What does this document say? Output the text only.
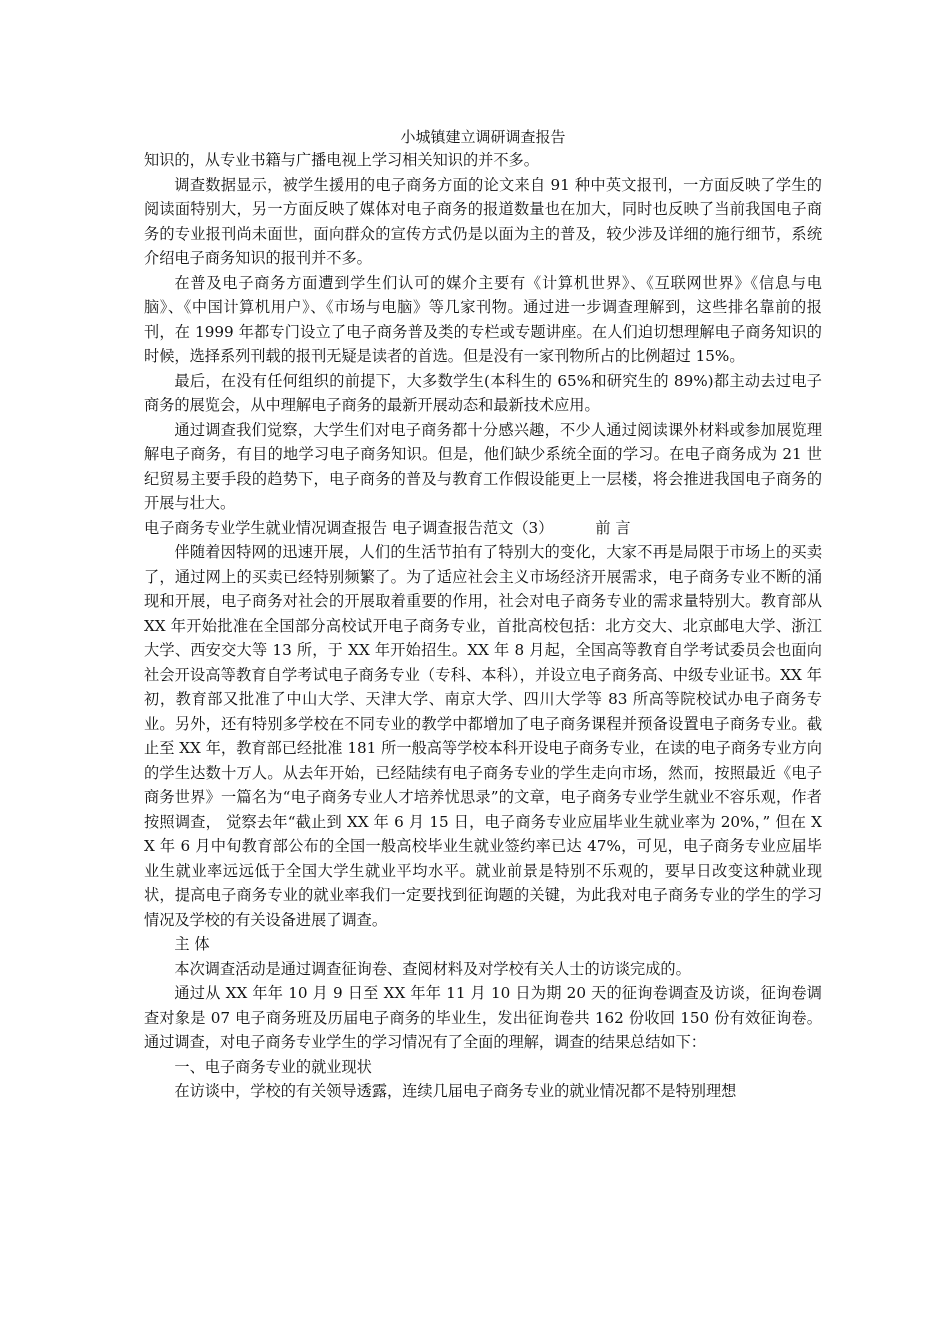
小城镇建立调研调查报告

知识的，从专业书籍与广播电视上学习相关知识的并不多。

调查数据显示，被学生援用的电子商务方面的论文来自 91 种中英文报刊，一方面反映了学生的阅读面特别大，另一方面反映了媒体对电子商务的报道数量也在加大，同时也反映了当前我国电子商务的专业报刊尚未面世，面向群众的宣传方式仍是以面为主的普及，较少涉及详细的施行细节，系统介绍电子商务知识的报刊并不多。

在普及电子商务方面遭到学生们认可的媒介主要有《计算机世界》、《互联网世界》《信息与电脑》、《中国计算机用户》、《市场与电脑》等几家刊物。通过进一步调查理解到，这些排名靠前的报刊，在 1999 年都专门设立了电子商务普及类的专栏或专题讲座。在人们迫切想理解电子商务知识的时候，选择系列刊载的报刊无疑是读者的首选。但是没有一家刊物所占的比例超过 15%。

最后，在没有任何组织的前提下，大多数学生(本科生的 65%和研究生的 89%)都主动去过电子商务的展览会，从中理解电子商务的最新开展动态和最新技术应用。

通过调查我们觉察，大学生们对电子商务都十分感兴趣，不少人通过阅读课外材料或参加展览理解电子商务，有目的地学习电子商务知识。但是，他们缺少系统全面的学习。在电子商务成为 21 世纪贸易主要手段的趋势下，电子商务的普及与教育工作假设能更上一层楼，将会推进我国电子商务的开展与壮大。

电子商务专业学生就业情况调查报告 电子调查报告范文（3）	前 言

伴随着因特网的迅速开展，人们的生活节拍有了特别大的变化，大家不再是局限于市场上的买卖了，通过网上的买卖已经特别频繁了。为了适应社会主义市场经济开展需求，电子商务专业不断的涌现和开展，电子商务对社会的开展取着重要的作用，社会对电子商务专业的需求量特别大。教育部从 XX 年开始批准在全国部分高校试开电子商务专业，首批高校包括：北方交大、北京邮电大学、浙江大学、西安交大等 13 所，于 XX 年开始招生。XX 年 8 月起，全国高等教育自学考试委员会也面向社会开设高等教育自学考试电子商务专业（专科、本科），并设立电子商务高、中级专业证书。XX 年初，教育部又批准了中山大学、天津大学、南京大学、四川大学等 83 所高等院校试办电子商务专业。另外，还有特别多学校在不同专业的教学中都增加了电子商务课程并预备设置电子商务专业。截止至 XX 年，教育部已经批准 181 所一般高等学校本科开设电子商务专业，在读的电子商务专业方向的学生达数十万人。从去年开始，已经陆续有电子商务专业的学生走向市场，然而，按照最近《电子商务世界》一篇名为“电子商务专业人才培养忧思录”的文章，电子商务专业学生就业不容乐观，作者按照调查， 觉察去年“截止到 XX 年 6 月 15 日，电子商务专业应届毕业生就业率为 20%，” 但在 XX 年 6 月中旬教育部公布的全国一般高校毕业生就业签约率已达 47%，可见，电子商务专业应届毕业生就业率远远低于全国大学生就业平均水平。就业前景是特别不乐观的，要早日改变这种就业现状，提高电子商务专业的就业率我们一定要找到征询题的关键，为此我对电子商务专业的学生的学习情况及学校的有关设备进展了调查。

主 体

本次调查活动是通过调查征询卷、查阅材料及对学校有关人士的访谈完成的。

通过从 XX 年年 10 月 9 日至 XX 年年 11 月 10 日为期 20 天的征询卷调查及访谈，征询卷调查对象是 07 电子商务班及历届电子商务的毕业生，发出征询卷共 162 份收回 150 份有效征询卷。通过调查，对电子商务专业学生的学习情况有了全面的理解，调查的结果总结如下：

一、电子商务专业的就业现状

在访谈中，学校的有关领导透露，连续几届电子商务专业的就业情况都不是特别理想
